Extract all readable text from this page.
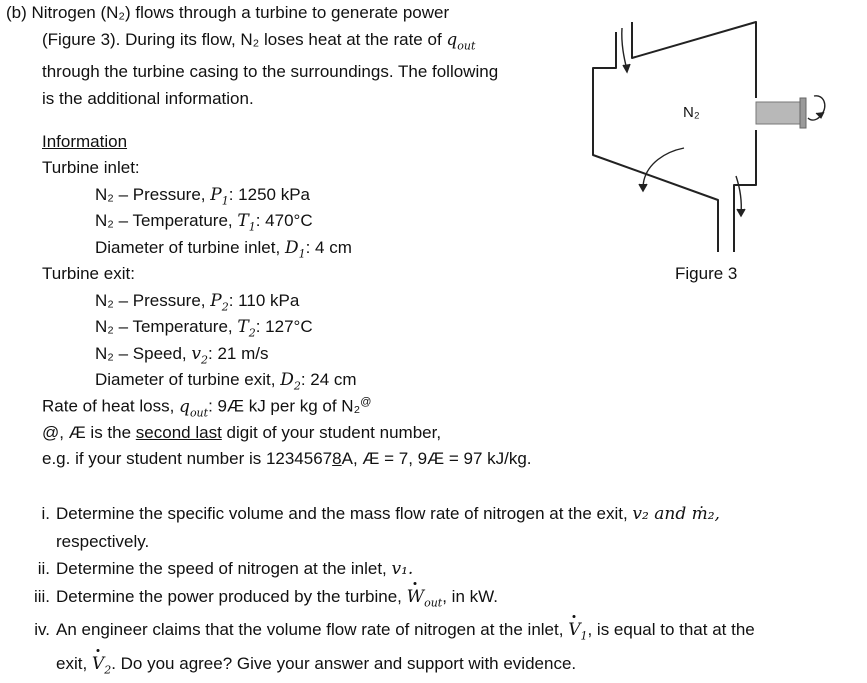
(b) Nitrogen (N₂) flows through a turbine to generate power
(Figure 3). During its flow, N₂ loses heat at the rate of $q_{out}$
through the turbine casing to the surroundings. The following
is the additional information.
Information
Turbine inlet:
N₂ – Pressure, $P_1$: 1250 kPa
N₂ – Temperature, $T_1$: 470°C
Diameter of turbine inlet, $D_1$: 4 cm
Turbine exit:
N₂ – Pressure, $P_2$: 110 kPa
N₂ – Temperature, $T_2$: 127°C
N₂ – Speed, $v_2$: 21 m/s
Diameter of turbine exit, $D_2$: 24 cm
Rate of heat loss, $q_{out}$: 9Æ kJ per kg of N₂@
@, Æ is the second last digit of your student number,
e.g. if your student number is 12345678A, Æ = 7, 9Æ = 97 kJ/kg.
N₂
Figure 3
i. Determine the specific volume and the mass flow rate of nitrogen at the exit, v₂ and ṁ₂,
respectively.
ii. Determine the speed of nitrogen at the inlet, v₁.
iii. Determine the power produced by the turbine, $W_{out}$, in kW.
iv. An engineer claims that the volume flow rate of nitrogen at the inlet, $V_1$, is equal to that at the
exit, $V_2$. Do you agree? Give your answer and support with evidence.
